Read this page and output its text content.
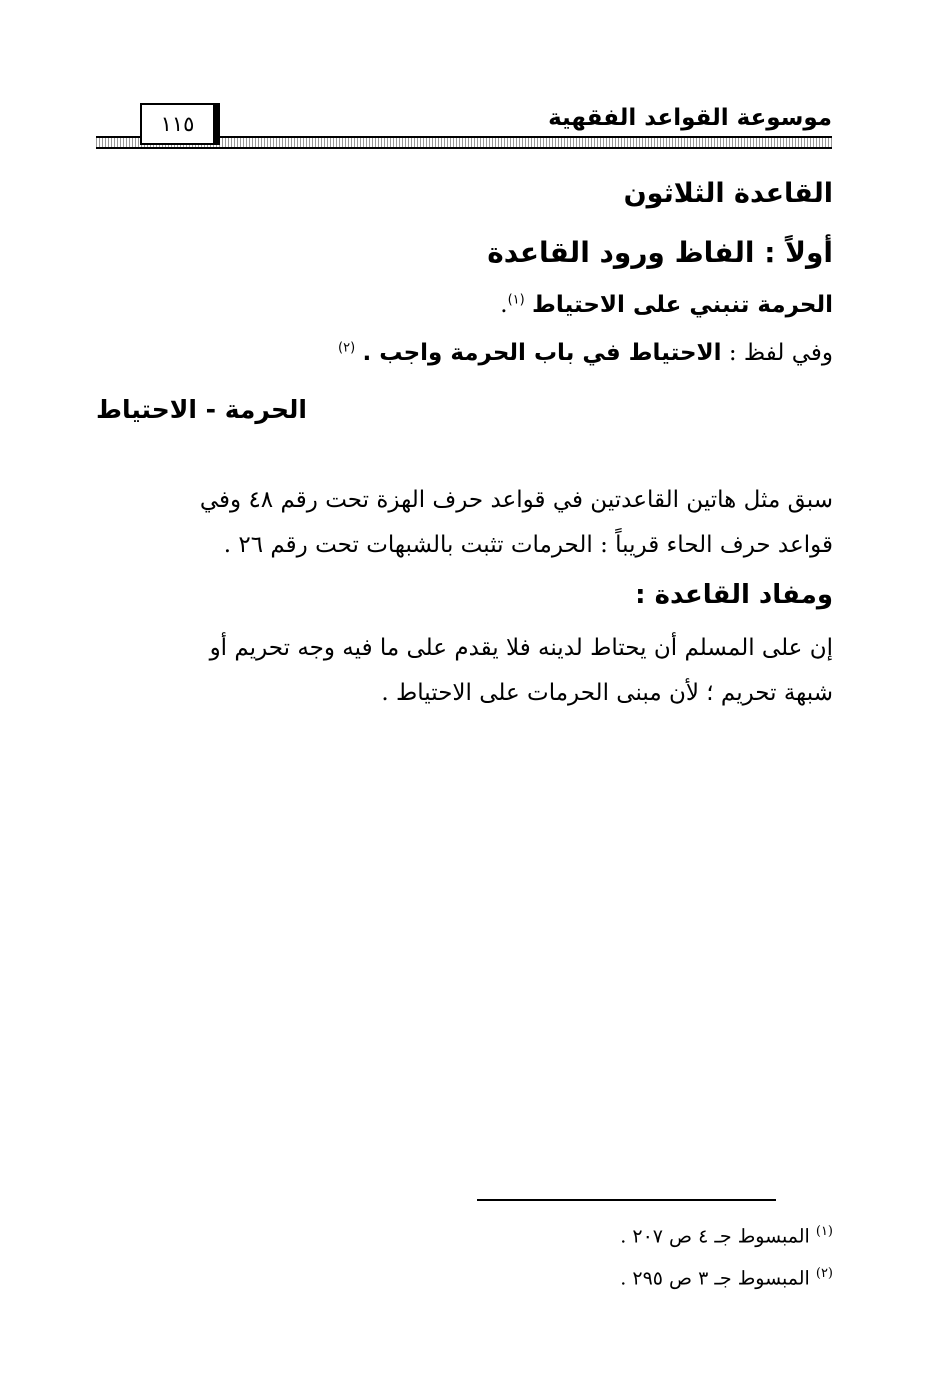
١١٥	موسوعة القواعد الفقهية
القاعدة الثلاثون
أولاً : الفاظ ورود القاعدة
الحرمة تنبني على الاحتياط $^{(١)}$.
وفي لفظ : الاحتياط في باب الحرمة واجب . $^{(٢)}$
الحرمة - الاحتياط
سبق مثل هاتين القاعدتين في قواعد حرف الهزة تحت رقم ٤٨ وفي
قواعد حرف الحاء قريباً : الحرمات تثبت بالشبهات تحت رقم ٢٦ .
ومفاد القاعدة :
إن على المسلم أن يحتاط لدينه فلا يقدم على ما فيه وجه تحريم أو
شبهة تحريم ؛ لأن مبنى الحرمات على الاحتياط .
$^{(١)}$ المبسوط جـ ٤ ص ٢٠٧ .
$^{(٢)}$ المبسوط جـ ٣ ص ٢٩٥ .
